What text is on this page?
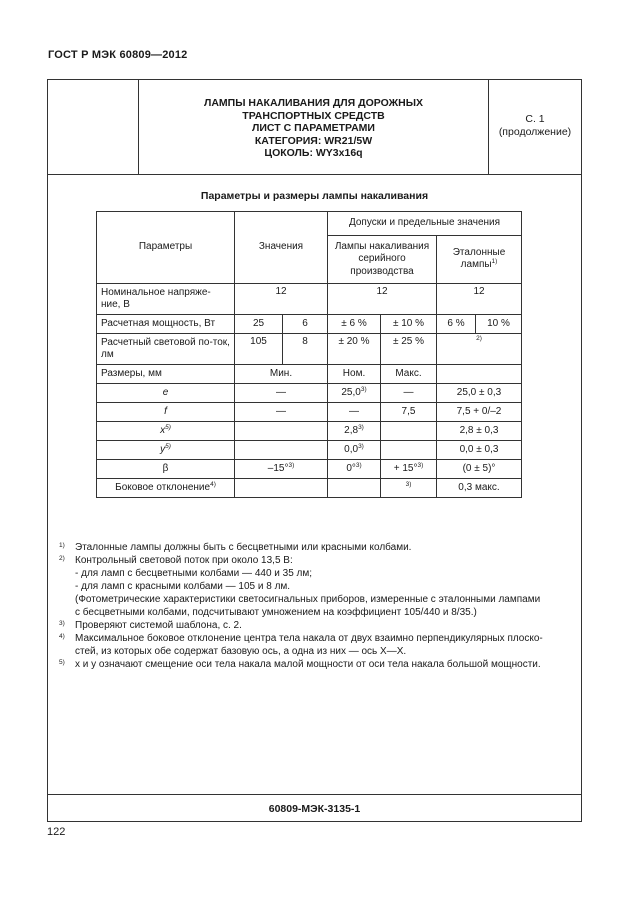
ГОСТ Р МЭК 60809—2012
ЛАМПЫ НАКАЛИВАНИЯ ДЛЯ ДОРОЖНЫХ
ТРАНСПОРТНЫХ СРЕДСТВ
ЛИСТ С ПАРАМЕТРАМИ
КАТЕГОРИЯ: WR21/5W
ЦОКОЛЬ: WY3x16q
С. 1
(продолжение)
Параметры и размеры лампы накаливания
Параметры	Значения		Допуски и предельные значения			
			Лампы накаливания серийного производства		Эталонные лампы$^{1)}$
Номинальное напряже-ние, В	12		12		12	
Расчетная мощность, Вт	25	6	± 6 %	± 10 %	6 %	10 %
Расчетный световой по-ток, лм	105	8	± 20 %	± 25 %	$^{2)}$
Размеры, мм	Мин.		Ном.	Макс.		
e	—		25,0$^{3)}$	—	25,0 ± 0,3	
f	—		—	7,5	7,5 + 0/–2	
$x^{5)}$			2,8$^{3)}$		2,8 ± 0,3	
$y^{5)}$			0,0$^{3)}$		0,0 ± 0,3	
β	–15°$^{3)}$		0°$^{3)}$	+ 15°$^{3)}$	(0 ± 5)°	
Боковое отклонение$^{4)}$				$^{3)}$	0,3 макс.	
1) Эталонные лампы должны быть с бесцветными или красными колбами.
2) Контрольный световой поток при около 13,5 В:
- для ламп с бесцветными колбами — 440 и 35 лм;
- для ламп с красными колбами — 105 и 8 лм.
(Фотометрические характеристики светосигнальных приборов, измеренные с эталонными лампами
с бесцветными колбами, подсчитывают умножением на коэффициент 105/440 и 8/35.)
3) Проверяют системой шаблона, с. 2.
4) Максимальное боковое отклонение центра тела накала от двух взаимно перпендикулярных плоско-
стей, из которых обе содержат базовую ось, а одна из них — ось X—X.
5) x и y означают смещение оси тела накала малой мощности от оси тела накала большой мощности.
60809-МЭК-3135-1
122
